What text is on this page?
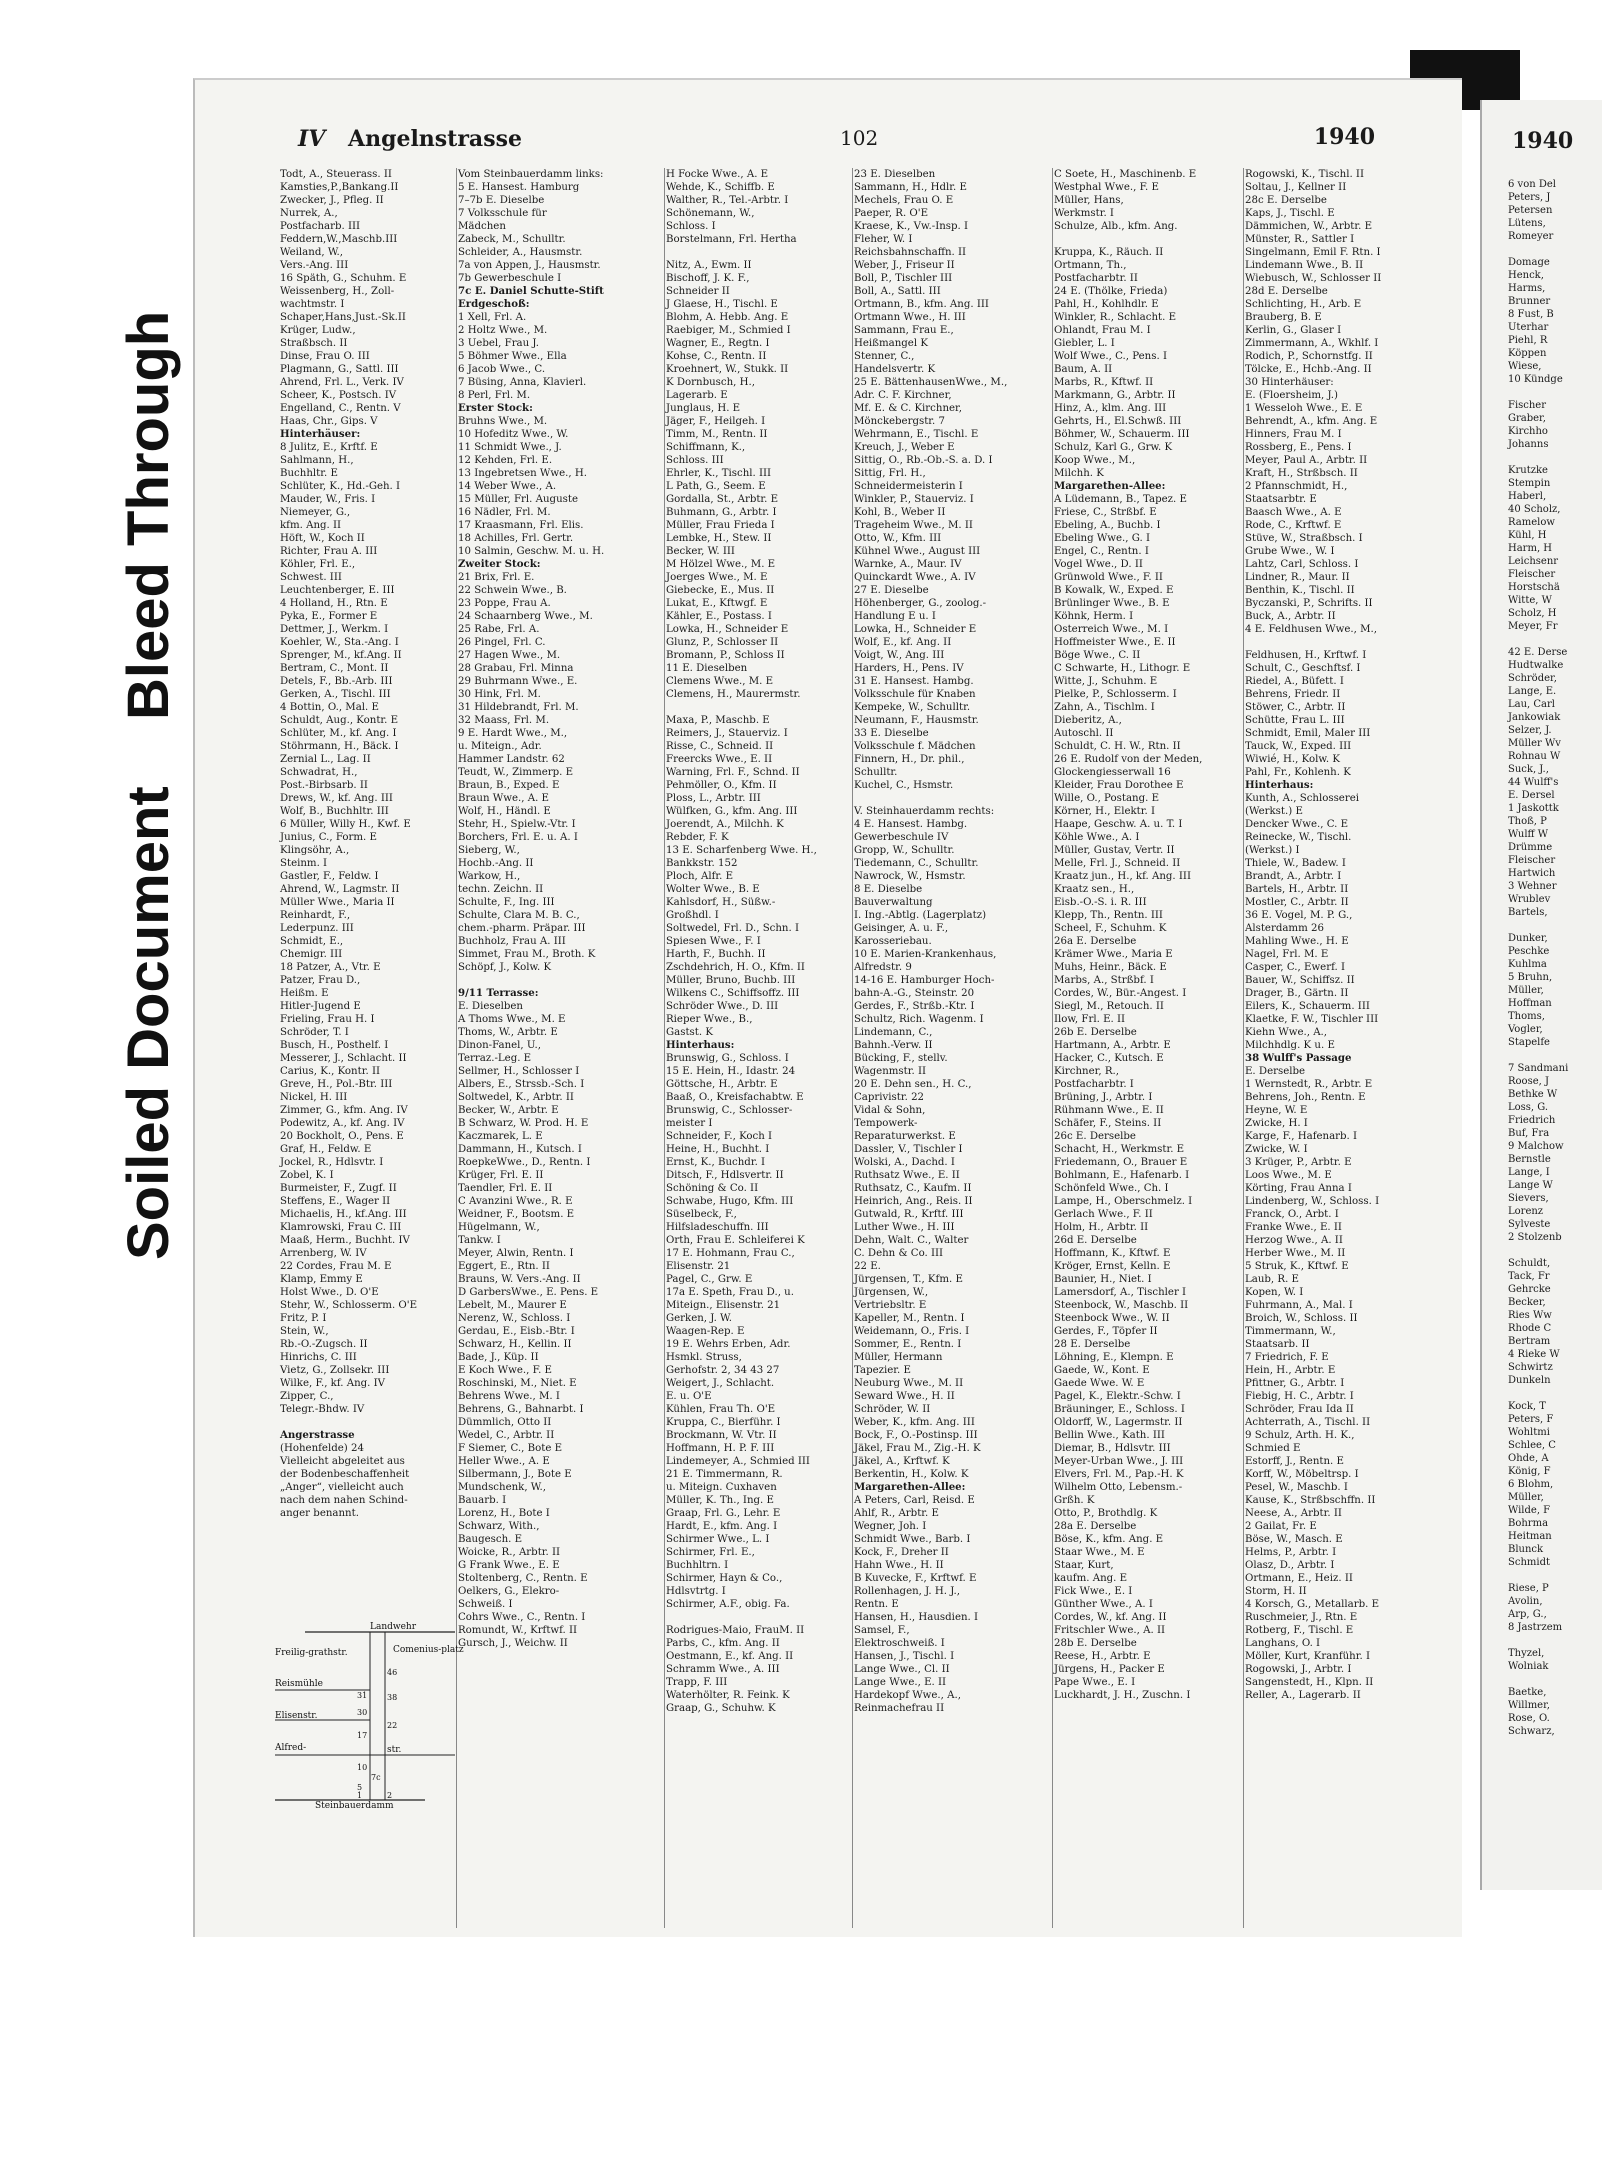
Soiled Document
Bleed Through
1940
6 von Del
Peters, J
Petersen
Lütens,
Romeyer
Domage
Henck,
Harms,
Brunner
8 Fust, B
Uterhar
Piehl, R
Köppen
Wiese,
10 Kündge
Fischer
Graber,
Kirchho
Johanns
Krutzke
Stempin
Haberl,
40 Scholz,
Ramelow
Kühl, H
Harm, H
Leichsenr
Fleischer
Horstschä
Witte, W
Scholz, H
Meyer, Fr
42 E. Derse
Hudtwalke
Schröder,
Lange, E.
Lau, Carl
Jankowiak
Selzer, J.
Müller Wv
Rohnau W
Suck, J.,
44 Wulff's
E. Dersel
1 Jaskottk
Thoß, P
Wulff W
Drümme
Fleischer
Hartwich
3 Wehner
Wrublev
Bartels,
Dunker,
Peschke
Kuhlma
5 Bruhn,
Müller,
Hoffman
Thoms,
Vogler,
Stapelfe
7 Sandmani
Roose, J
Bethke W
Loss, G.
Friedrich
Buf, Fra
9 Malchow
Bernstle
Lange, I
Lange W
Sievers,
Lorenz
Sylveste
2 Stolzenb
Schuldt,
Tack, Fr
Gehrcke
Becker,
Ries Ww
Rhode C
Bertram
4 Rieke W
Schwirtz
Dunkeln
Kock, T
Peters, F
Wohltmi
Schlee, C
Ohde, A
König, F
6 Blohm,
Müller,
Wilde, F
Bohrma
Heitman
Blunck
Schmidt
Riese, P
Avolin,
Arp, G.,
8 Jastrzem
Thyzel,
Wolniak
Baetke,
Willmer,
Rose, O.
Schwarz,
IV Angelnstrasse	102	1940
Todt, A., Steuerass. II
Kamsties,P.,Bankang.II
Zwecker, J., Pfleg. II
Nurrek, A.,
Postfacharb. III
Feddern,W.,Maschb.III
Weiland, W.,
Vers.-Ang. III
16 Späth, G., Schuhm. E
Weissenberg, H., Zoll-
wachtmstr. I
Schaper,Hans,Just.-Sk.II
Krüger, Ludw.,
Straßbsch. II
Dinse, Frau O. III
Plagmann, G., Sattl. III
Ahrend, Frl. L., Verk. IV
Scheer, K., Postsch. IV
Engelland, C., Rentn. V
Haas, Chr., Gips. V
Hinterhäuser:
8 Julitz, E., Krftf. E
Sahlmann, H.,
Buchhltr. E
Schlüter, K., Hd.-Geh. I
Mauder, W., Fris. I
Niemeyer, G.,
kfm. Ang. II
Höft, W., Koch II
Richter, Frau A. III
Köhler, Frl. E.,
Schwest. III
Leuchtenberger, E. III
4 Holland, H., Rtn. E
Pyka, E., Former E
Dettmer, J., Werkm. I
Koehler, W., Sta.-Ang. I
Sprenger, M., kf.Ang. II
Bertram, C., Mont. II
Detels, F., Bb.-Arb. III
Gerken, A., Tischl. III
4 Bottin, O., Mal. E
Schuldt, Aug., Kontr. E
Schlüter, M., kf. Ang. I
Stöhrmann, H., Bäck. I
Zernial L., Lag. II
Schwadrat, H.,
Post.-Birbsarb. II
Drews, W., kf. Ang. III
Wolf, B., Buchhltr. III
6 Müller, Willy H., Kwf. E
Junius, C., Form. E
Klingsöhr, A.,
Steinm. I
Gastler, F., Feldw. I
Ahrend, W., Lagmstr. II
Müller Wwe., Maria II
Reinhardt, F.,
Lederpunz. III
Schmidt, E.,
Chemigr. III
18 Patzer, A., Vtr. E
Patzer, Frau D.,
Heißm. E
Hitler-Jugend E
Frieling, Frau H. I
Schröder, T. I
Busch, H., Posthelf. I
Messerer, J., Schlacht. II
Carius, K., Kontr. II
Greve, H., Pol.-Btr. III
Nickel, H. III
Zimmer, G., kfm. Ang. IV
Podewitz, A., kf. Ang. IV
20 Bockholt, O., Pens. E
Graf, H., Feldw. E
Jockel, R., Hdlsvtr. I
Zobel, K. I
Burmeister, F., Zugf. II
Steffens, E., Wager II
Michaelis, H., kf.Ang. III
Klamrowski, Frau C. III
Maaß, Herm., Buchht. IV
Arrenberg, W. IV
22 Cordes, Frau M. E
Klamp, Emmy E
Holst Wwe., D. O'E
Stehr, W., Schlosserm. O'E
Fritz, P. I
Stein, W.,
Rb.-O.-Zugsch. II
Hinrichs, C. III
Vietz, G., Zollsekr. III
Wilke, F., kf. Ang. IV
Zipper, C.,
Telegr.-Bhdw. IV
Angerstrasse
(Hohenfelde) 24
Vielleicht abgeleitet aus
der Bodenbeschaffenheit
„Anger“, vielleicht auch
nach dem nahen Schind-
anger benannt.
Vom Steinbauerdamm links:
5 E. Hansest. Hamburg
7–7b E. Dieselbe
7 Volksschule für
Mädchen
Zabeck, M., Schulltr.
Schleider, A., Hausmstr.
7a von Appen, J., Hausmstr.
7b Gewerbeschule I
7c E. Daniel Schutte-Stift
Erdgeschoß:
1 Xell, Frl. A.
2 Holtz Wwe., M.
3 Uebel, Frau J.
5 Böhmer Wwe., Ella
6 Jacob Wwe., C.
7 Büsing, Anna, Klavierl.
8 Perl, Frl. M.
Erster Stock:
Bruhns Wwe., M.
10 Hofeditz Wwe., W.
11 Schmidt Wwe., J.
12 Kehden, Frl. E.
13 Ingebretsen Wwe., H.
14 Weber Wwe., A.
15 Müller, Frl. Auguste
16 Nädler, Frl. M.
17 Kraasmann, Frl. Elis.
18 Achilles, Frl. Gertr.
10 Salmin, Geschw. M. u. H.
Zweiter Stock:
21 Brix, Frl. E.
22 Schwein Wwe., B.
23 Poppe, Frau A.
24 Schaarnberg Wwe., M.
25 Rabe, Frl. A.
26 Pingel, Frl. C.
27 Hagen Wwe., M.
28 Grabau, Frl. Minna
29 Buhrmann Wwe., E.
30 Hink, Frl. M.
31 Hildebrandt, Frl. M.
32 Maass, Frl. M.
9 E. Hardt Wwe., M.,
u. Miteign., Adr.
Hammer Landstr. 62
Teudt, W., Zimmerp. E
Braun, B., Exped. E
Braun Wwe., A. E
Wolf, H., Händl. E
Stehr, H., Spielw.-Vtr. I
Borchers, Frl. E. u. A. I
Sieberg, W.,
Hochb.-Ang. II
Warkow, H.,
techn. Zeichn. II
Schulte, F., Ing. III
Schulte, Clara M. B. C.,
chem.-pharm. Präpar. III
Buchholz, Frau A. III
Simmet, Frau M., Broth. K
Schöpf, J., Kolw. K
9/11 Terrasse:
E. Dieselben
A Thoms Wwe., M. E
Thoms, W., Arbtr. E
Dinon-Fanel, U.,
Terraz.-Leg. E
Sellmer, H., Schlosser I
Albers, E., Strssb.-Sch. I
Soltwedel, K., Arbtr. II
Becker, W., Arbtr. E
B Schwarz, W. Prod. H. E
Kaczmarek, L. E
Dammann, H., Kutsch. I
RoepkeWwe., D., Rentn. I
Krüger, Frl. E. II
Taendler, Frl. E. II
C Avanzini Wwe., R. E
Weidner, F., Bootsm. E
Hügelmann, W.,
Tankw. I
Meyer, Alwin, Rentn. I
Eggert, E., Rtn. II
Brauns, W. Vers.-Ang. II
D GarbersWwe., E. Pens. E
Lebelt, M., Maurer E
Nerenz, W., Schloss. I
Gerdau, E., Eisb.-Btr. I
Schwarz, H., Kellin. II
Bade, J., Küp. II
E Koch Wwe., F. E
Roschinski, M., Niet. E
Behrens Wwe., M. I
Behrens, G., Bahnarbt. I
Dümmlich, Otto II
Wedel, C., Arbtr. II
F Siemer, C., Bote E
Heller Wwe., A. E
Silbermann, J., Bote E
Mundschenk, W.,
Bauarb. I
Lorenz, H., Bote I
Schwarz, With.,
Baugesch. E
Woicke, R., Arbtr. II
G Frank Wwe., E. E
Stoltenberg, C., Rentn. E
Oelkers, G., Elekro-
Schweiß. I
Cohrs Wwe., C., Rentn. I
Romundt, W., Krftwf. II
Gursch, J., Weichw. II
H Focke Wwe., A. E
Wehde, K., Schiffb. E
Walther, R., Tel.-Arbtr. I
Schönemann, W.,
Schloss. I
Borstelmann, Frl. Hertha
Nitz, A., Ewm. II
Bischoff, J. K. F.,
Schneider II
J Glaese, H., Tischl. E
Blohm, A. Hebb. Ang. E
Raebiger, M., Schmied I
Wagner, E., Regtn. I
Kohse, C., Rentn. II
Kroehnert, W., Stukk. II
K Dornbusch, H.,
Lagerarb. E
Junglaus, H. E
Jäger, F., Heilgeh. I
Timm, M., Rentn. II
Schiffmann, K.,
Schloss. III
Ehrler, K., Tischl. III
L Path, G., Seem. E
Gordalla, St., Arbtr. E
Buhmann, G., Arbtr. I
Müller, Frau Frieda I
Lembke, H., Stew. II
Becker, W. III
M Hölzel Wwe., M. E
Joerges Wwe., M. E
Giebecke, E., Mus. II
Lukat, E., Kftwgf. E
Kähler, E., Postass. I
Lowka, H., Schneider E
Glunz, P., Schlosser II
Bromann, P., Schloss II
11 E. Dieselben
Clemens Wwe., M. E
Clemens, H., Maurermstr.
Maxa, P., Maschb. E
Reimers, J., Stauerviz. I
Risse, C., Schneid. II
Freercks Wwe., E. II
Warning, Frl. F., Schnd. II
Pehmöller, O., Kfm. II
Ploss, L., Arbtr. III
Wülfken, G., kfm. Ang. III
Joerendt, A., Milchh. K
Rebder, F. K
13 E. Scharfenberg Wwe. H.,
Bankkstr. 152
Ploch, Alfr. E
Wolter Wwe., B. E
Kahlsdorf, H., Süßw.-
Großhdl. I
Soltwedel, Frl. D., Schn. I
Spiesen Wwe., F. I
Harth, F., Buchh. II
Zschdehrich, H. O., Kfm. II
Müller, Bruno, Buchb. III
Wilkens C., Schiffsoffz. III
Schröder Wwe., D. III
Rieper Wwe., B.,
Gastst. K
Hinterhaus:
Brunswig, G., Schloss. I
15 E. Hein, H., Idastr. 24
Göttsche, H., Arbtr. E
Baaß, O., Kreisfachabtw. E
Brunswig, C., Schlosser-
meister I
Schneider, F., Koch I
Heine, H., Buchht. I
Ernst, K., Buchdr. I
Ditsch, F., Hdlsvertr. II
Schöning & Co. II
Schwabe, Hugo, Kfm. III
Süselbeck, F.,
Hilfsladeschuffn. III
Orth, Frau E. Schleiferei K
17 E. Hohmann, Frau C.,
Elisenstr. 21
Pagel, C., Grw. E
17a E. Speth, Frau D., u.
Miteign., Elisenstr. 21
Gerken, J. W.
Waagen-Rep. E
19 E. Wehrs Erben, Adr.
Hsmkl. Struss,
Gerhofstr. 2, 34 43 27
Weigert, J., Schlacht.
E. u. O'E
Kühlen, Frau Th. O'E
Kruppa, C., Bierführ. I
Brockmann, W. Vtr. II
Hoffmann, H. P. F. III
Lindemeyer, A., Schmied III
21 E. Timmermann, R.
u. Miteign. Cuxhaven
Müller, K. Th., Ing. E
Graap, Frl. G., Lehr. E
Hardt, E., kfm. Ang. I
Schirmer Wwe., L. I
Schirmer, Frl. E.,
Buchhltrn. I
Schirmer, Hayn & Co.,
Hdlsvtrtg. I
Schirmer, A.F., obig. Fa.
Rodrigues-Maio, FrauM. II
Parbs, C., kfm. Ang. II
Oestmann, E., kf. Ang. II
Schramm Wwe., A. III
Trapp, F. III
Waterhölter, R. Feink. K
Graap, G., Schuhw. K
23 E. Dieselben
Sammann, H., Hdlr. E
Mechels, Frau O. E
Paeper, R. O'E
Kraese, K., Vw.-Insp. I
Fleher, W. I
Reichsbahnschaffn. II
Weber, J., Friseur II
Boll, P., Tischler III
Boll, A., Sattl. III
Ortmann, B., kfm. Ang. III
Ortmann Wwe., H. III
Sammann, Frau E.,
Heißmangel K
Stenner, C.,
Handelsvertr. K
25 E. BättenhausenWwe., M.,
Adr. C. F. Kirchner,
Mf. E. & C. Kirchner,
Mönckebergstr. 7
Wehrmann, E., Tischl. E
Kreuch, J., Weber E
Sittig, O., Rb.-Ob.-S. a. D. I
Sittig, Frl. H.,
Schneidermeisterin I
Winkler, P., Stauerviz. I
Kohl, B., Weber II
Trageheim Wwe., M. II
Otto, W., Kfm. III
Kühnel Wwe., August III
Warnke, A., Maur. IV
Quinckardt Wwe., A. IV
27 E. Dieselbe
Höhenberger, G., zoolog.-
Handlung E u. I
Lowka, H., Schneider E
Wolf, E., kf. Ang. II
Voigt, W., Ang. III
Harders, H., Pens. IV
31 E. Hansest. Hambg.
Volksschule für Knaben
Kempeke, W., Schulltr.
Neumann, F., Hausmstr.
33 E. Dieselbe
Volksschule f. Mädchen
Finnern, H., Dr. phil.,
Schulltr.
Kuchel, C., Hsmstr.
V. Steinhauerdamm rechts:
4 E. Hansest. Hambg.
Gewerbeschule IV
Gropp, W., Schulltr.
Tiedemann, C., Schulltr.
Nawrock, W., Hsmstr.
8 E. Dieselbe
Bauverwaltung
I. Ing.-Abtlg. (Lagerplatz)
Geisinger, A. u. F.,
Karosseriebau.
10 E. Marien-Krankenhaus,
Alfredstr. 9
14-16 E. Hamburger Hoch-
bahn-A.-G., Steinstr. 20
Gerdes, F., Strßb.-Ktr. I
Schultz, Rich. Wagenm. I
Lindemann, C.,
Bahnh.-Verw. II
Bücking, F., stellv.
Wagenmstr. II
20 E. Dehn sen., H. C.,
Caprivistr. 22
Vidal & Sohn,
Tempowerk-
Reparaturwerkst. E
Dassler, V., Tischler I
Wolski, A., Dachd. I
Ruthsatz Wwe., E. II
Ruthsatz, C., Kaufm. II
Heinrich, Ang., Reis. II
Gutwald, R., Krftf. III
Luther Wwe., H. III
Dehn, Walt. C., Walter
C. Dehn & Co. III
22 E.
Jürgensen, T., Kfm. E
Jürgensen, W.,
Vertriebsltr. E
Kapeller, M., Rentn. I
Weidemann, O., Fris. I
Sommer, E., Rentn. I
Müller, Hermann
Tapezier. E
Neuburg Wwe., M. II
Seward Wwe., H. II
Schröder, W. II
Weber, K., kfm. Ang. III
Bock, F., O.-Postinsp. III
Jäkel, Frau M., Zig.-H. K
Jäkel, A., Krftwf. K
Berkentin, H., Kolw. K
Margarethen-Allee:
A Peters, Carl, Reisd. E
Ahlf, R., Arbtr. E
Wegner, Joh. I
Schmidt Wwe., Barb. I
Kock, F., Dreher II
Hahn Wwe., H. II
B Kuvecke, F., Krftwf. E
Rollenhagen, J. H. J.,
Rentn. E
Hansen, H., Hausdien. I
Samsel, F.,
Elektroschweiß. I
Hansen, J., Tischl. I
Lange Wwe., Cl. II
Lange Wwe., E. II
Hardekopf Wwe., A.,
Reinmachefrau II
C Soete, H., Maschinenb. E
Westphal Wwe., F. E
Müller, Hans,
Werkmstr. I
Schulze, Alb., kfm. Ang.
Kruppa, K., Räuch. II
Ortmann, Th.,
Postfacharbtr. II
24 E. (Thölke, Frieda)
Pahl, H., Kohlhdlr. E
Winkler, R., Schlacht. E
Ohlandt, Frau M. I
Giebler, L. I
Wolf Wwe., C., Pens. I
Baum, A. II
Marbs, R., Kftwf. II
Markmann, G., Arbtr. II
Hinz, A., klm. Ang. III
Gehrts, H., El.Schwß. III
Böhmer, W., Schauerm. III
Schulz, Karl G., Grw. K
Koop Wwe., M.,
Milchh. K
Margarethen-Allee:
A Lüdemann, B., Tapez. E
Friese, C., Strßbf. E
Ebeling, A., Buchb. I
Ebeling Wwe., G. I
Engel, C., Rentn. I
Vogel Wwe., D. II
Grünwold Wwe., F. II
B Kowalk, W., Exped. E
Brünlinger Wwe., B. E
Köhnk, Herm. I
Osterreich Wwe., M. I
Hoffmeister Wwe., E. II
Böge Wwe., C. II
C Schwarte, H., Lithogr. E
Witte, J., Schuhm. E
Pielke, P., Schlosserm. I
Zahn, A., Tischlm. I
Dieberitz, A.,
Autoschl. II
Schuldt, C. H. W., Rtn. II
26 E. Rudolf von der Meden,
Glockengiesserwall 16
Kleider, Frau Dorothee E
Wille, O., Postang. E
Körner, H., Elektr. I
Haape, Geschw. A. u. T. I
Köhle Wwe., A. I
Müller, Gustav, Vertr. II
Melle, Frl. J., Schneid. II
Kraatz jun., H., kf. Ang. III
Kraatz sen., H.,
Eisb.-O.-S. i. R. III
Klepp, Th., Rentn. III
Scheel, F., Schuhm. K
26a E. Derselbe
Krämer Wwe., Maria E
Muhs, Heinr., Bäck. E
Marbs, A., Strßbf. I
Cordes, W., Bür.-Angest. I
Siegl, M., Retouch. II
Ilow, Frl. E. II
26b E. Derselbe
Hartmann, A., Arbtr. E
Hacker, C., Kutsch. E
Kirchner, R.,
Postfacharbtr. I
Brüning, J., Arbtr. I
Rühmann Wwe., E. II
Schäfer, F., Steins. II
26c E. Derselbe
Schacht, H., Werkmstr. E
Friedemann, O., Brauer E
Bohlmann, E., Hafenarb. I
Schönfeld Wwe., Ch. I
Lampe, H., Oberschmelz. I
Gerlach Wwe., F. II
Holm, H., Arbtr. II
26d E. Derselbe
Hoffmann, K., Kftwf. E
Kröger, Ernst, Kelln. E
Baunier, H., Niet. I
Lamersdorf, A., Tischler I
Steenbock, W., Maschb. II
Steenbock Wwe., W. II
Gerdes, F., Töpfer II
28 E. Derselbe
Löhning, E., Klempn. E
Gaede, W., Kont. E
Gaede Wwe. W. E
Pagel, K., Elektr.-Schw. I
Bräuninger, E., Schloss. I
Oldorff, W., Lagermstr. II
Bellin Wwe., Kath. III
Diemar, B., Hdlsvtr. III
Meyer-Urban Wwe., J. III
Elvers, Frl. M., Pap.-H. K
Wilhelm Otto, Lebensm.-
Grßh. K
Otto, P., Brothdlg. K
28a E. Derselbe
Böse, K., kfm. Ang. E
Staar Wwe., M. E
Staar, Kurt,
kaufm. Ang. E
Fick Wwe., E. I
Günther Wwe., A. I
Cordes, W., kf. Ang. II
Fritschler Wwe., A. II
28b E. Derselbe
Reese, H., Arbtr. E
Jürgens, H., Packer E
Pape Wwe., E. I
Luckhardt, J. H., Zuschn. I
Rogowski, K., Tischl. II
Soltau, J., Kellner II
28c E. Derselbe
Kaps, J., Tischl. E
Dämmichen, W., Arbtr. E
Münster, R., Sattler I
Singelmann, Emil F. Rtn. I
Lindemann Wwe., B. II
Wiebusch, W., Schlosser II
28d E. Derselbe
Schlichting, H., Arb. E
Brauberg, B. E
Kerlin, G., Glaser I
Zimmermann, A., Wkhlf. I
Rodich, P., Schornstfg. II
Tölcke, E., Hchb.-Ang. II
30 Hinterhäuser:
E. (Floersheim, J.)
1 Wesseloh Wwe., E. E
Behrendt, A., kfm. Ang. E
Hinners, Frau M. I
Rossberg, E., Pens. I
Meyer, Paul A., Arbtr. II
Kraft, H., Strßbsch. II
2 Pfannschmidt, H.,
Staatsarbtr. E
Baasch Wwe., A. E
Rode, C., Krftwf. E
Stüve, W., Straßbsch. I
Grube Wwe., W. I
Lahtz, Carl, Schloss. I
Lindner, R., Maur. II
Benthin, K., Tischl. II
Byczanski, P., Schrifts. II
Buck, A., Arbtr. II
4 E. Feldhusen Wwe., M.,
Feldhusen, H., Krftwf. I
Schult, C., Geschftsf. I
Riedel, A., Büfett. I
Behrens, Friedr. II
Stöwer, C., Arbtr. II
Schütte, Frau L. III
Schmidt, Emil, Maler III
Tauck, W., Exped. III
Wiwié, H., Kolw. K
Pahl, Fr., Kohlenh. K
Hinterhaus:
Kunth, A., Schlosserei
(Werkst.) E
Dencker Wwe., C. E
Reinecke, W., Tischl.
(Werkst.) I
Thiele, W., Badew. I
Brandt, A., Arbtr. I
Bartels, H., Arbtr. II
Mostler, C., Arbtr. II
36 E. Vogel, M. P. G.,
Alsterdamm 26
Mahling Wwe., H. E
Nagel, Frl. M. E
Casper, C., Ewerf. I
Bauer, W., Schiffsz. II
Drager, B., Gärtn. II
Eilers, K., Schauerm. III
Klaetke, F. W., Tischler III
Kiehn Wwe., A.,
Milchhdlg. K u. E
38 Wulff's Passage
E. Derselbe
1 Wernstedt, R., Arbtr. E
Behrens, Joh., Rentn. E
Heyne, W. E
Zwicke, H. I
Karge, F., Hafenarb. I
Zwicke, W. I
3 Krüger, P., Arbtr. E
Loos Wwe., M. E
Körting, Frau Anna I
Lindenberg, W., Schloss. I
Franck, O., Arbt. I
Franke Wwe., E. II
Herzog Wwe., A. II
Herber Wwe., M. II
5 Struk, K., Kftwf. E
Laub, R. E
Kopen, W. I
Fuhrmann, A., Mal. I
Broich, W., Schloss. II
Timmermann, W.,
Staatsarb. II
7 Friedrich, F. E
Hein, H., Arbtr. E
Pfittner, G., Arbtr. I
Fiebig, H. C., Arbtr. I
Schröder, Frau Ida II
Achterrath, A., Tischl. II
9 Schulz, Arth. H. K.,
Schmied E
Estorff, J., Rentn. E
Korff, W., Möbeltrsp. I
Pesel, W., Maschb. I
Kause, K., Strßbschffn. II
Neese, A., Arbtr. II
2 Gailat, Fr. E
Böse, W., Masch. E
Helms, P., Arbtr. I
Olasz, D., Arbtr. I
Ortmann, E., Heiz. II
Storm, H. II
4 Korsch, G., Metallarb. E
Ruschmeier, J., Rtn. E
Rotberg, F., Tischl. E
Langhans, O. I
Möller, Kurt, Kranführ. I
Rogowski, J., Arbtr. I
Sangenstedt, H., Klpn. II
Reller, A., Lagerarb. II
Landwehr
Freilig-grathstr.	Comenius-platz
Reismühle
Elisenstr.
Alfred-	str.
Steinbauerdamm
46
38
31
30
22
17
10
5
1	2
7c
